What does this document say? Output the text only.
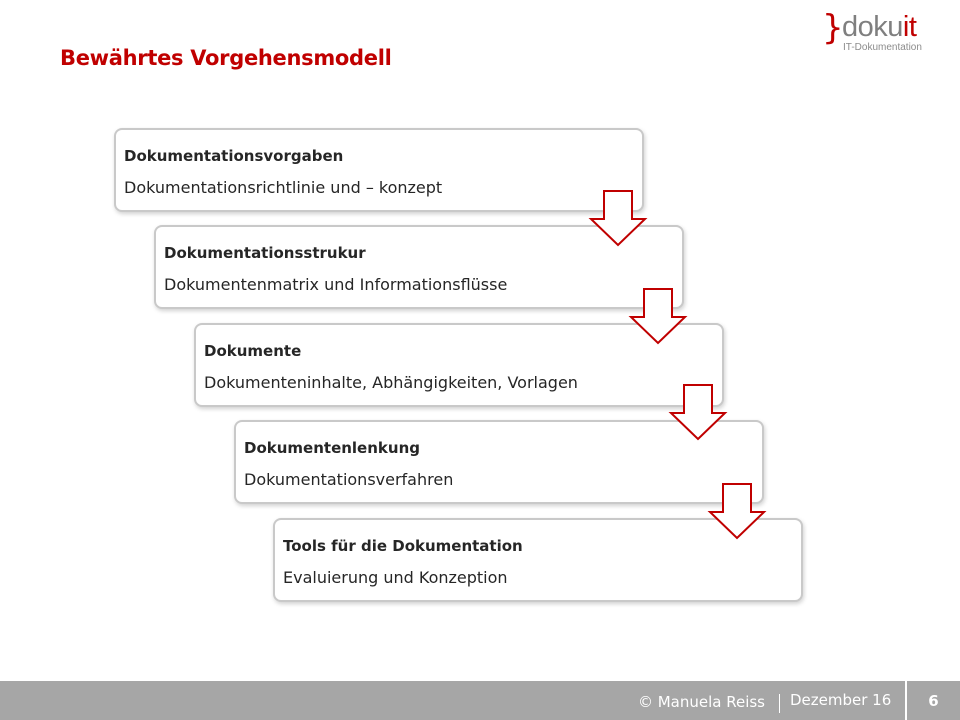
Bewährtes Vorgehensmodell
}
dokuit
IT-Dokumentation
Dokumentationsvorgaben
Dokumentationsrichtlinie und – konzept
Dokumentationsstrukur
Dokumentenmatrix und Informationsflüsse
Dokumente
Dokumenteninhalte, Abhängigkeiten, Vorlagen
Dokumentenlenkung
Dokumentationsverfahren
Tools für die Dokumentation
Evaluierung und Konzeption
© Manuela Reiss Dezember 16	6
